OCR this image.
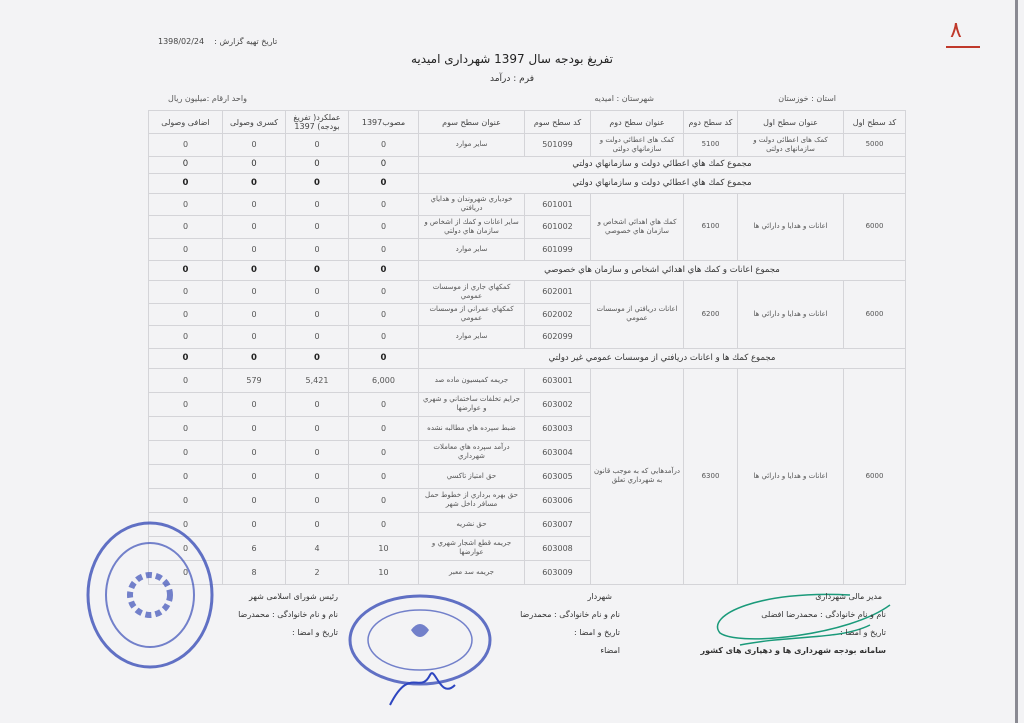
۸
تاریخ تهیه گزارش :    1398/02/24
تفریغ بودجه سال 1397 شهرداری امیدیه
فرم : درآمد
استان : خوزستان
شهرستان : امیدیه
واحد ارقام :میلیون ریال
کد سطح اول	عنوان سطح اول	کد سطح دوم	عنوان سطح دوم	کد سطح سوم	عنوان سطح سوم	مصوب1397	عملکرد( تفریغ بودجه) 1397	کسری وصولی	اضافی وصولی
5000	کمک های اعطائی دولت و سازمانهای دولتی	5100	کمک های اعطائي دولت و سازمانهاي دولتی	501099	ساير موارد	0	0	0	0
مجموع کمك هاي اعطائي دولت و سازمانهاي دولتي						0	0	0	0
مجموع کمك هاي اعطائي دولت و سازمانهاي دولتي						0	0	0	0
6000	اعانات و هدايا و دارائي ها	6100	کمك هاي اهدائي اشخاص و سازمان هاي خصوصي	601001	خودياري شهروندان و هداياي دريافتي	0	0	0	0
				601002	ساير اعانات و کمك از اشخاص و سازمان هاي دولتي	0	0	0	0
				601099	ساير موارد	0	0	0	0
مجموع اعانات و کمك هاي اهدائي اشخاص و سازمان هاي خصوصي						0	0	0	0
6000	اعانات و هدايا و دارائي ها	6200	اعانات دريافتي از موسسات عمومي	602001	کمکهاي جاري از موسسات عمومي	0	0	0	0
				602002	کمکهاي عمراني از موسسات عمومي	0	0	0	0
				602099	ساير موارد	0	0	0	0
مجموع کمك ها و اعانات دريافتي از موسسات عمومي غير دولتي						0	0	0	0
6000	اعانات و هدايا و دارائي ها	6300	درآمدهايي که به موجب قانون به شهرداري تعلق	603001	جريمه کميسيون ماده صد	6,000	5,421	579	0
				603002	جرایم تخلفات ساختماني و شهري و عوارضها	0	0	0	0
				603003	ضبط سپرده هاي مطالبه نشده	0	0	0	0
				603004	درآمد سپرده هاي معاملات شهرداري	0	0	0	0
				603005	حق امتياز تاکسي	0	0	0	0
				603006	حق بهره برداري از خطوط حمل مسافر داخل شهر	0	0	0	0
				603007	حق نشریه	0	0	0	0
				603008	جريمه قطع اشجار شهري و عوارضها	10	4	6	0
				603009	جريمه سد معبر	10	2	8	0
مدیر مالی شهرداری
نام و نام خانوادگی : محمدرضا افضلی
تاریخ و امضا :
سامانه بودجه شهرداری ها و دهیاری های کشور
شهردار
نام و نام خانوادگی : محمدرضا
تاریخ و امضا :
امضاء
رئیس شورای اسلامی شهر
نام و نام خانوادگی : محمدرضا
تاریخ و امضا :
